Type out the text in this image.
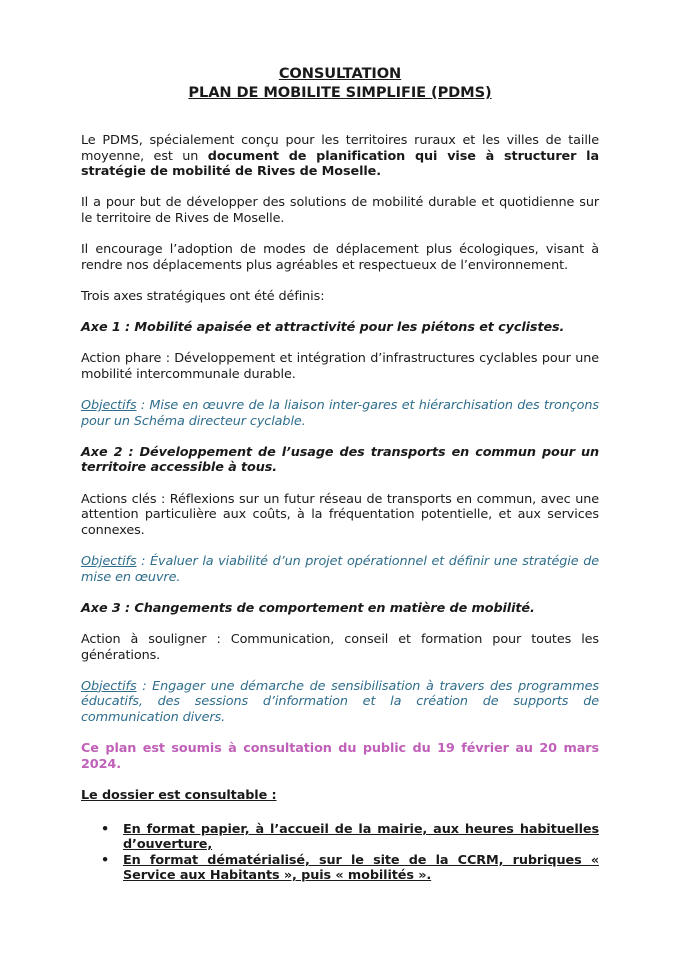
CONSULTATION
PLAN DE MOBILITE SIMPLIFIE (PDMS)

Le PDMS, spécialement conçu pour les territoires ruraux et les villes de taille moyenne, est un document de planification qui vise à structurer la stratégie de mobilité de Rives de Moselle.

Il a pour but de développer des solutions de mobilité durable et quotidienne sur le territoire de Rives de Moselle.

Il encourage l’adoption de modes de déplacement plus écologiques, visant à rendre nos déplacements plus agréables et respectueux de l’environnement.

Trois axes stratégiques ont été définis:

Axe 1 : Mobilité apaisée et attractivité pour les piétons et cyclistes.

Action phare : Développement et intégration d’infrastructures cyclables pour une mobilité intercommunale durable.

Objectifs : Mise en œuvre de la liaison inter-gares et hiérarchisation des tronçons pour un Schéma directeur cyclable.

Axe 2 : Développement de l’usage des transports en commun pour un territoire accessible à tous.

Actions clés : Réflexions sur un futur réseau de transports en commun, avec une attention particulière aux coûts, à la fréquentation potentielle, et aux services connexes.

Objectifs : Évaluer la viabilité d’un projet opérationnel et définir une stratégie de mise en œuvre.

Axe 3 : Changements de comportement en matière de mobilité.

Action à souligner : Communication, conseil et formation pour toutes les générations.

Objectifs : Engager une démarche de sensibilisation à travers des programmes éducatifs, des sessions d’information et la création de supports de communication divers.

Ce plan est soumis à consultation du public du 19 février au 20 mars 2024.

Le dossier est consultable :

• En format papier, à l’accueil de la mairie, aux heures habituelles d’ouverture,
• En format dématérialisé, sur le site de la CCRM, rubriques « Service aux Habitants », puis « mobilités ».
